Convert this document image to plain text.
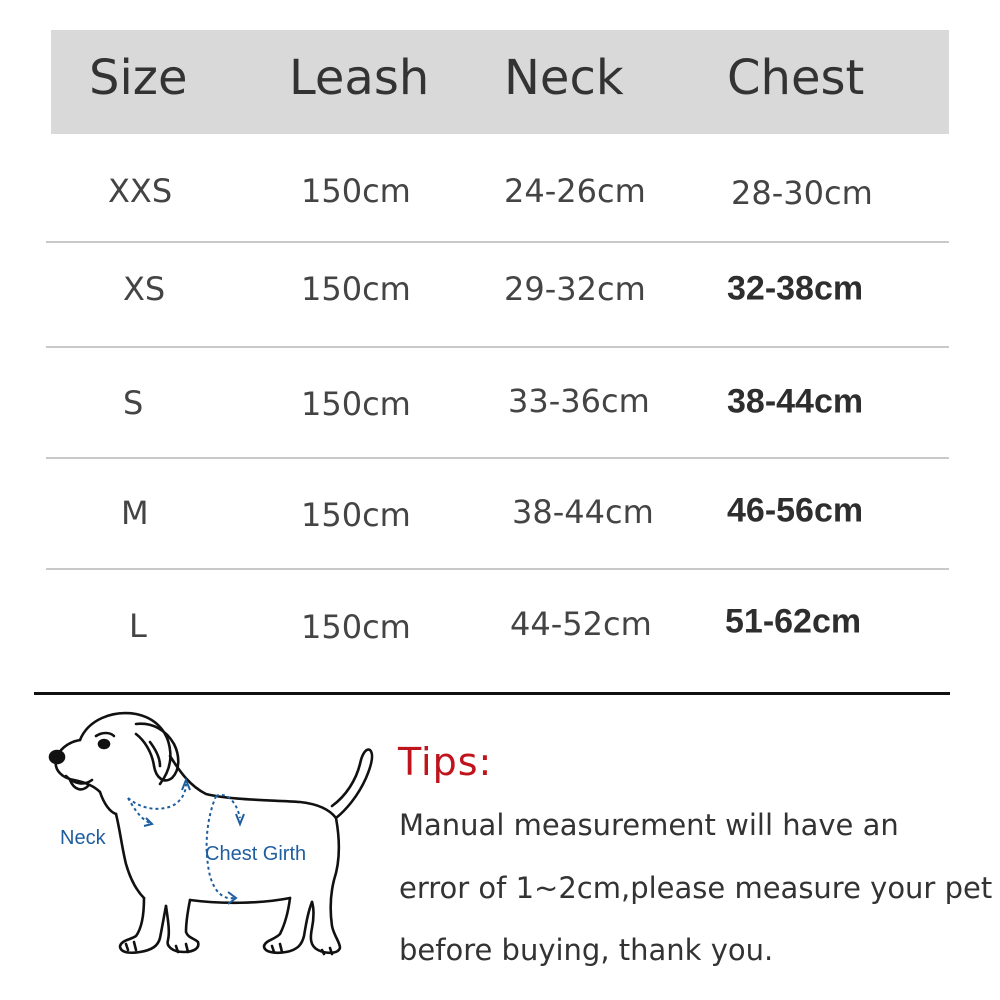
Size Leash Neck Chest
XXS	150cm	24-26cm	28-30cm
XS	150cm	29-32cm 32-38cm
S	150cm	33-36cm 38-44cm
M	150cm	38-44cm 46-56cm
L	150cm	44-52cm 51-62cm
Neck
Chest Girth
Tips:
Manual measurement will have an
error of 1~2cm,please measure your pet
before buying, thank you.
